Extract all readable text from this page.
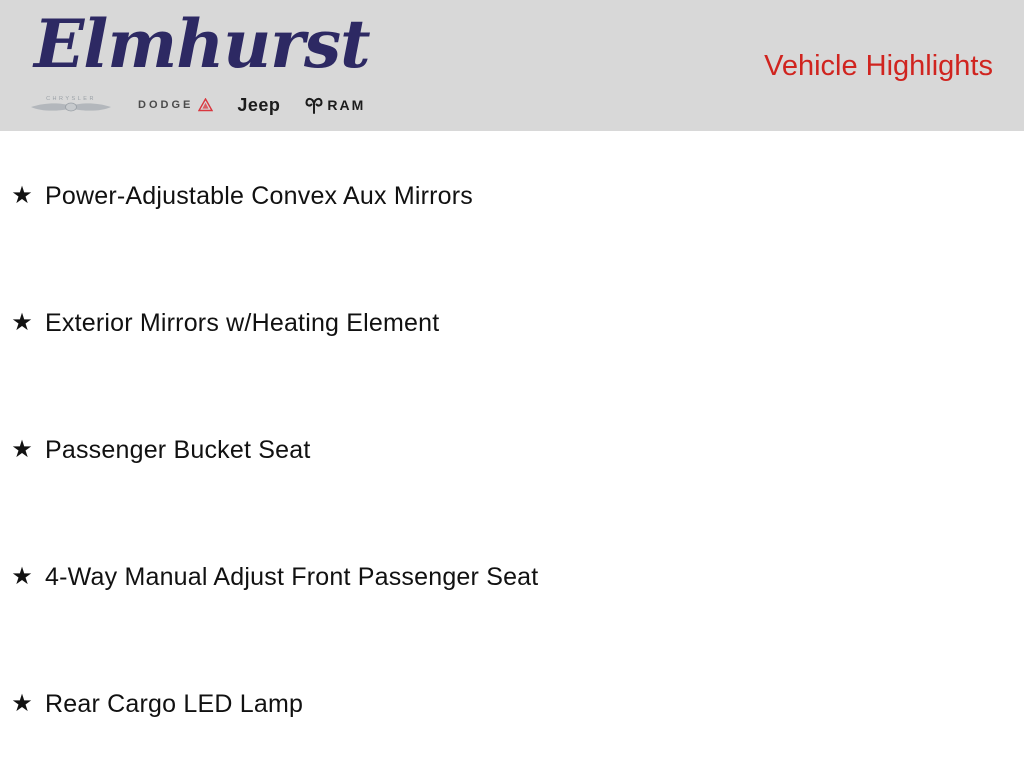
Elmhurst
CHRYSLER	DODGE Jeep	RAM
Vehicle Highlights
★ Power-Adjustable Convex Aux Mirrors
★ Exterior Mirrors w/Heating Element
★ Passenger Bucket Seat
★ 4-Way Manual Adjust Front Passenger Seat
★ Rear Cargo LED Lamp
